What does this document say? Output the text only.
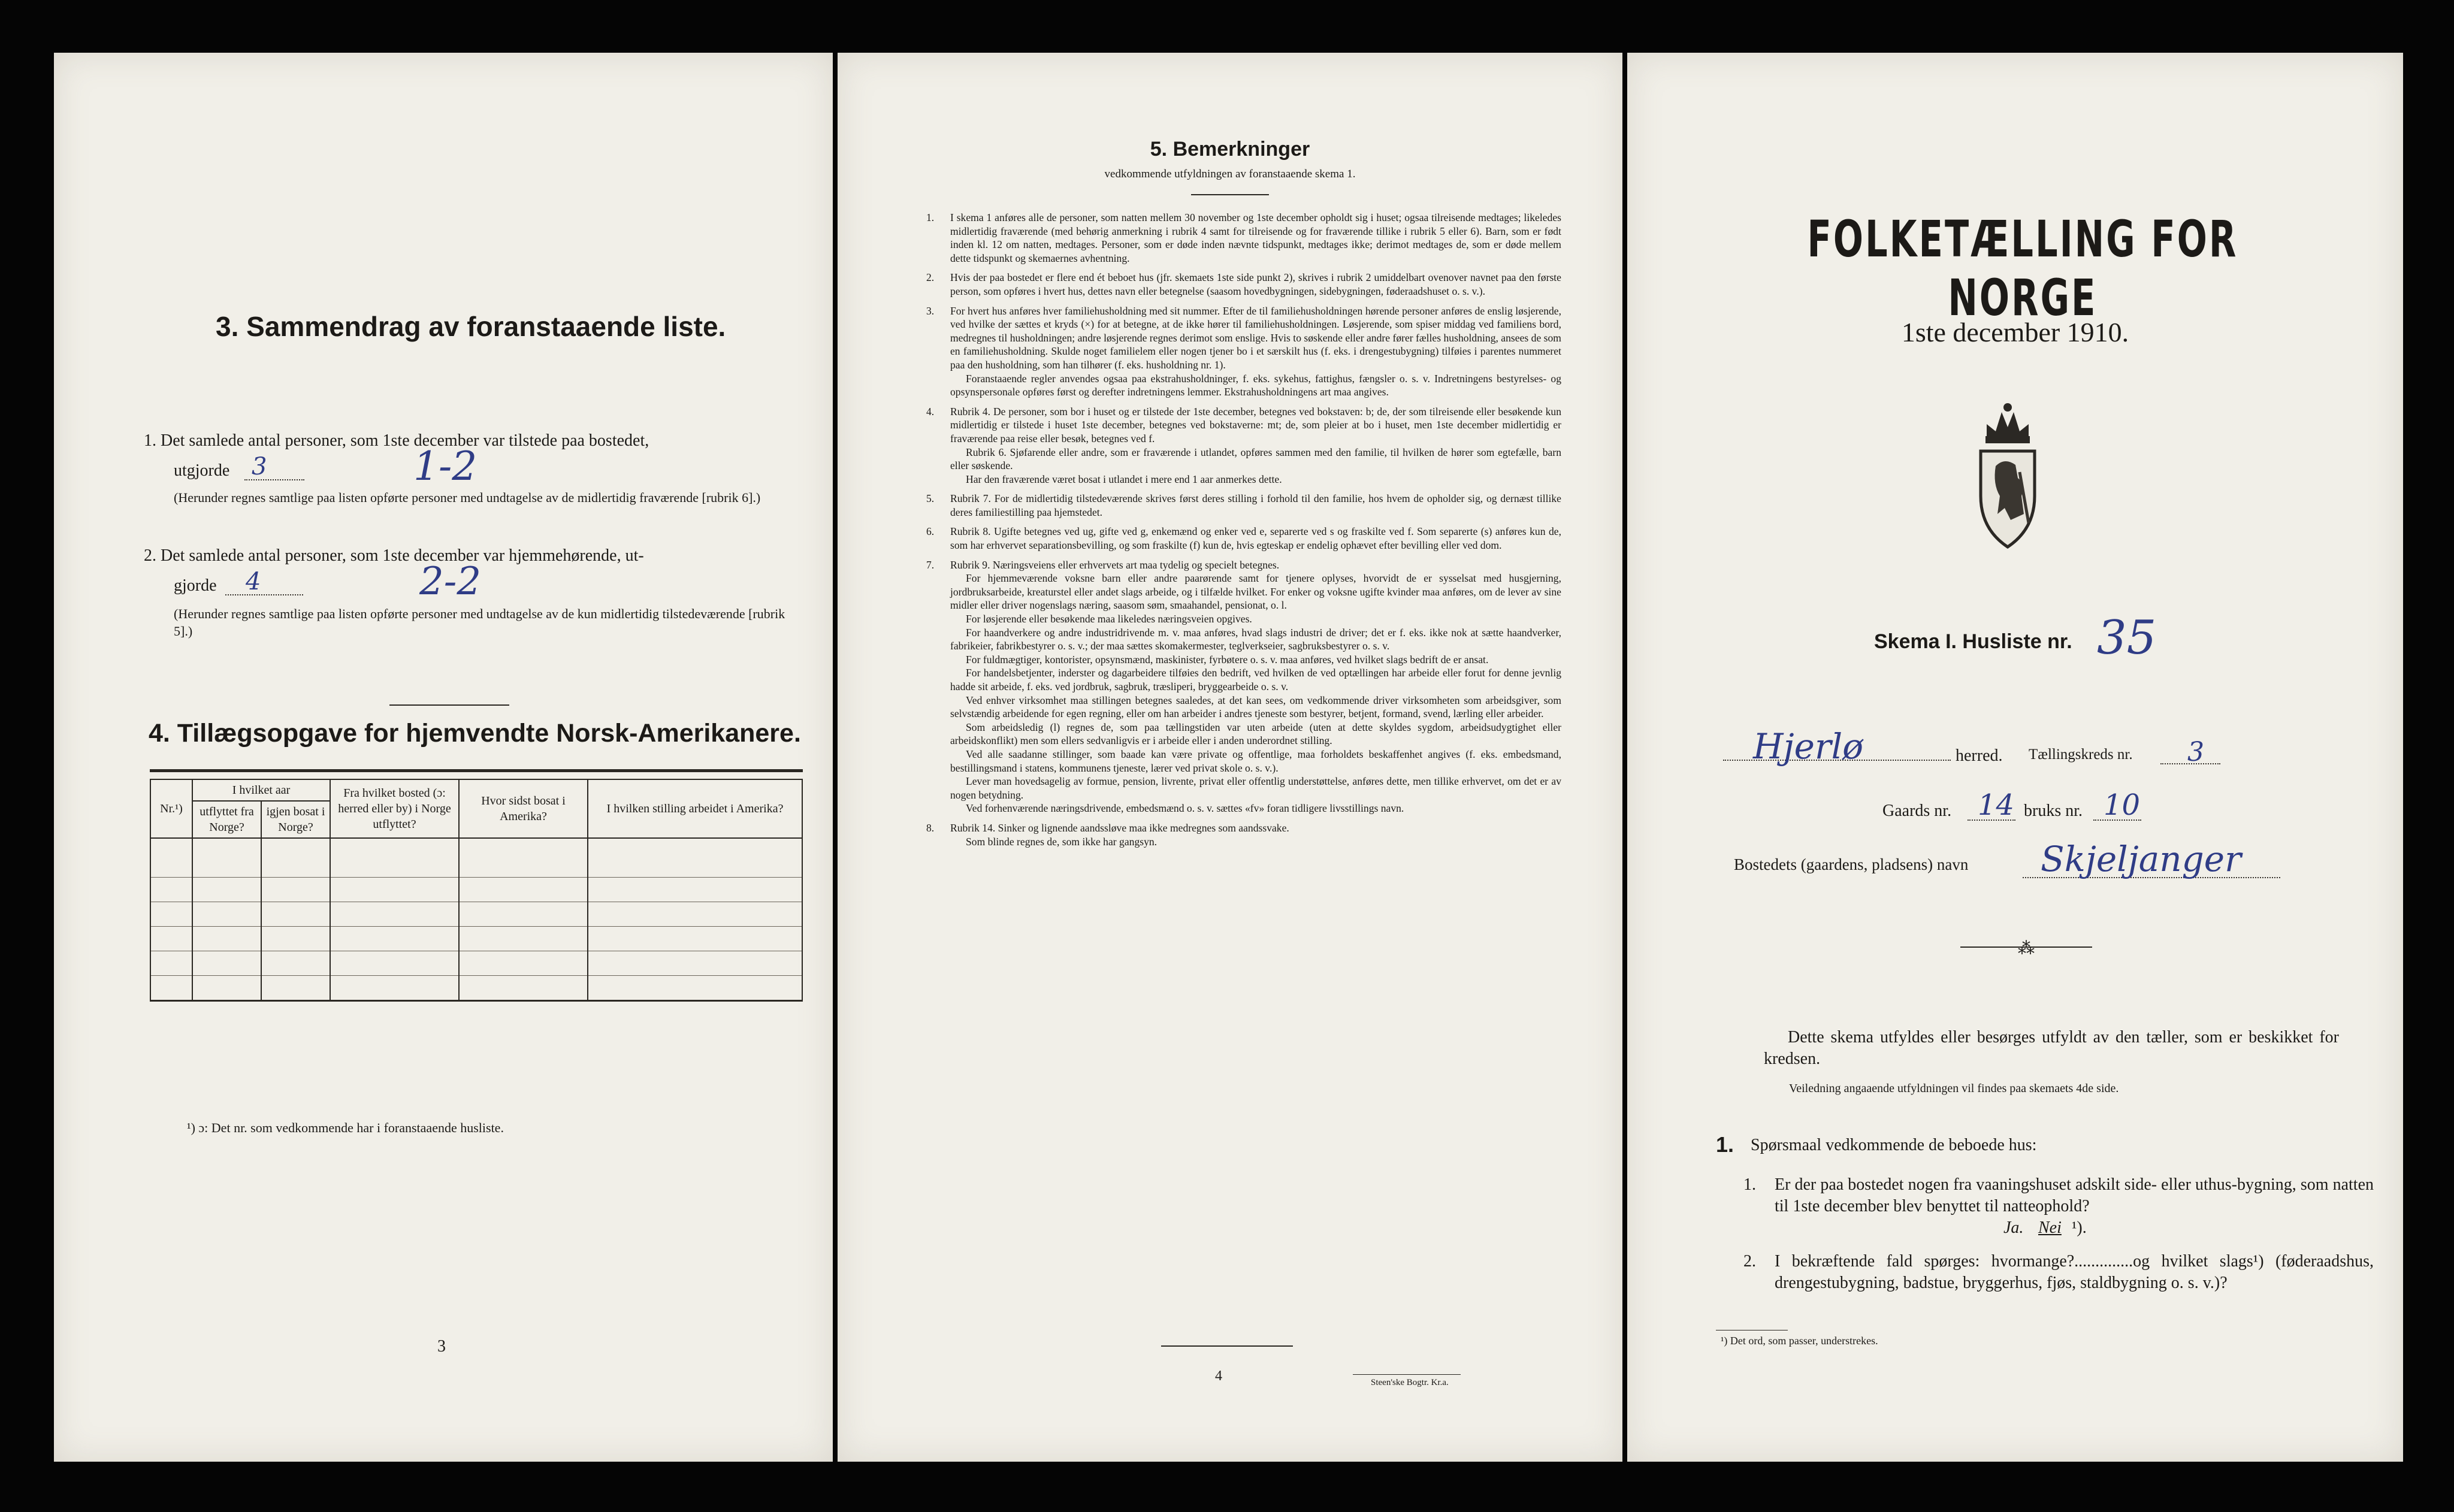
3. Sammendrag av foranstaaende liste.
1. Det samlede antal personer, som 1ste december var tilstede paa bostedet,
utgjorde 3	1-2
(Herunder regnes samtlige paa listen opførte personer med undtagelse av de midlertidig fraværende [rubrik 6].)
2. Det samlede antal personer, som 1ste december var hjemmehørende, ut-
gjorde 4	2-2
(Herunder regnes samtlige paa listen opførte personer med undtagelse av de kun midlertidig tilstedeværende [rubrik 5].)
4. Tillægsopgave for hjemvendte Norsk-Amerikanere.
Nr.¹)	I hvilket aar		Fra hvilket bosted (ɔ: herred eller by) i Norge utflyttet?	Hvor sidst bosat i Amerika?	I hvilken stilling arbeidet i Amerika?
	utflyttet fra Norge?	igjen bosat i Norge?			

¹) ɔ: Det nr. som vedkommende har i foranstaaende husliste.
3
5. Bemerkninger
vedkommende utfyldningen av foranstaaende skema 1.
1.	I skema 1 anføres alle de personer, som natten mellem 30 november og 1ste december opholdt sig i huset; ogsaa tilreisende medtages; likeledes midlertidig fraværende (med behørig anmerkning i rubrik 4 samt for tilreisende og for fraværende tillike i rubrik 5 eller 6). Barn, som er født inden kl. 12 om natten, medtages. Personer, som er døde inden nævnte tidspunkt, medtages ikke; derimot medtages de, som er døde mellem dette tidspunkt og skemaernes avhentning.

2.	Hvis der paa bostedet er flere end ét beboet hus (jfr. skemaets 1ste side punkt 2), skrives i rubrik 2 umiddelbart ovenover navnet paa den første person, som opføres i hvert hus, dettes navn eller betegnelse (saasom hovedbygningen, sidebygningen, føderaadshuset o. s. v.).

3.	For hvert hus anføres hver familiehusholdning med sit nummer. Efter de til familiehusholdningen hørende personer anføres de enslig løsjerende, ved hvilke der sættes et kryds (×) for at betegne, at de ikke hører til familiehusholdningen. Løsjerende, som spiser middag ved familiens bord, medregnes til husholdningen; andre løsjerende regnes derimot som enslige. Hvis to søskende eller andre fører fælles husholdning, ansees de som en familiehusholdning. Skulde noget familielem eller nogen tjener bo i et særskilt hus (f. eks. i drengestubygning) tilføies i parentes nummeret paa den husholdning, som han tilhører (f. eks. husholdning nr. 1).

Foranstaaende regler anvendes ogsaa paa ekstrahusholdninger, f. eks. sykehus, fattighus, fængsler o. s. v. Indretningens bestyrelses- og opsynspersonale opføres først og derefter indretningens lemmer. Ekstrahusholdningens art maa angives.

4.	Rubrik 4. De personer, som bor i huset og er tilstede der 1ste december, betegnes ved bokstaven: b; de, der som tilreisende eller besøkende kun midlertidig er tilstede i huset 1ste december, betegnes ved bokstaverne: mt; de, som pleier at bo i huset, men 1ste december midlertidig er fraværende paa reise eller besøk, betegnes ved f.

Rubrik 6. Sjøfarende eller andre, som er fraværende i utlandet, opføres sammen med den familie, til hvilken de hører som egtefælle, barn eller søskende.

Har den fraværende været bosat i utlandet i mere end 1 aar anmerkes dette.

5.	Rubrik 7. For de midlertidig tilstedeværende skrives først deres stilling i forhold til den familie, hos hvem de opholder sig, og dernæst tillike deres familiestilling paa hjemstedet.

6.	Rubrik 8. Ugifte betegnes ved ug, gifte ved g, enkemænd og enker ved e, separerte ved s og fraskilte ved f. Som separerte (s) anføres kun de, som har erhvervet separationsbevilling, og som fraskilte (f) kun de, hvis egteskap er endelig ophævet efter bevilling eller ved dom.

7.	Rubrik 9. Næringsveiens eller erhvervets art maa tydelig og specielt betegnes.

For hjemmeværende voksne barn eller andre paarørende samt for tjenere oplyses, hvorvidt de er sysselsat med husgjerning, jordbruksarbeide, kreaturstel eller andet slags arbeide, og i tilfælde hvilket. For enker og voksne ugifte kvinder maa anføres, om de lever av sine midler eller driver nogenslags næring, saasom søm, smaahandel, pensionat, o. l.

For løsjerende eller besøkende maa likeledes næringsveien opgives.

For haandverkere og andre industridrivende m. v. maa anføres, hvad slags industri de driver; det er f. eks. ikke nok at sætte haandverker, fabrikeier, fabrikbestyrer o. s. v.; der maa sættes skomakermester, teglverkseier, sagbruksbestyrer o. s. v.

For fuldmægtiger, kontorister, opsynsmænd, maskinister, fyrbøtere o. s. v. maa anføres, ved hvilket slags bedrift de er ansat.

For handelsbetjenter, inderster og dagarbeidere tilføies den bedrift, ved hvilken de ved optællingen har arbeide eller forut for denne jevnlig hadde sit arbeide, f. eks. ved jordbruk, sagbruk, træsliperi, bryggearbeide o. s. v.

Ved enhver virksomhet maa stillingen betegnes saaledes, at det kan sees, om vedkommende driver virksomheten som arbeidsgiver, som selvstændig arbeidende for egen regning, eller om han arbeider i andres tjeneste som bestyrer, betjent, formand, svend, lærling eller arbeider.

Som arbeidsledig (l) regnes de, som paa tællingstiden var uten arbeide (uten at dette skyldes sygdom, arbeidsudygtighet eller arbeidskonflikt) men som ellers sedvanligvis er i arbeide eller i anden underordnet stilling.

Ved alle saadanne stillinger, som baade kan være private og offentlige, maa forholdets beskaffenhet angives (f. eks. embedsmand, bestillingsmand i statens, kommunens tjeneste, lærer ved privat skole o. s. v.).

Lever man hovedsagelig av formue, pension, livrente, privat eller offentlig understøttelse, anføres dette, men tillike erhvervet, om det er av nogen betydning.

Ved forhenværende næringsdrivende, embedsmænd o. s. v. sættes «fv» foran tidligere livsstillings navn.

8.	Rubrik 14. Sinker og lignende aandssløve maa ikke medregnes som aandssvake.

Som blinde regnes de, som ikke har gangsyn.

4	Steen'ske Bogtr. Kr.a.
FOLKETÆLLING FOR NORGE
1ste december 1910.
Skema I. Husliste nr. 35
Hjerlø	herred. Tællingskreds nr. 3
Gaards nr. 14 bruks nr. 10
Bostedets (gaardens, pladsens) navn Skjeljanger
⁂
Dette skema utfyldes eller besørges utfyldt av den tæller, som er beskikket for kredsen.
Veiledning angaaende utfyldningen vil findes paa skemaets 4de side.
1. Spørsmaal vedkommende de beboede hus:
1. Er der paa bostedet nogen fra vaaningshuset adskilt side- eller uthus-bygning, som natten til 1ste december blev benyttet til natteophold?
Ja. Nei ¹).
2. I bekræftende fald spørges: hvormange?..............og hvilket slags¹) (føderaadshus, drengestubygning, badstue, bryggerhus, fjøs, staldbygning o. s. v.)?
¹) Det ord, som passer, understrekes.
